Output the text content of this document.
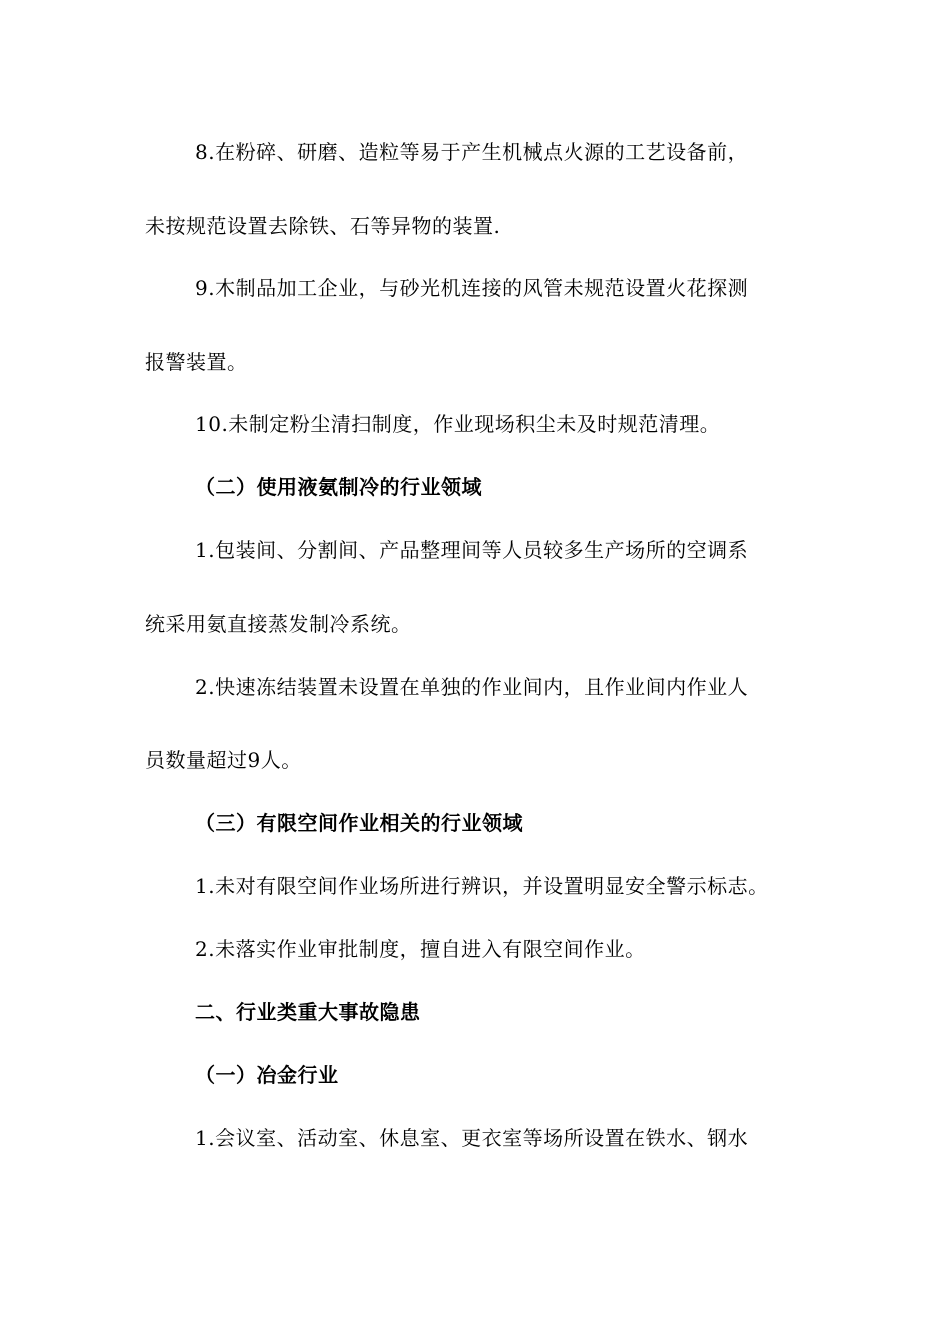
8.在粉碎、研磨、造粒等易于产生机械点火源的工艺设备前，
未按规范设置去除铁、石等异物的装置.
9.木制品加工企业，与砂光机连接的风管未规范设置火花探测
报警装置。
10.未制定粉尘清扫制度，作业现场积尘未及时规范清理。
（二）使用液氨制冷的行业领域
1.包装间、分割间、产品整理间等人员较多生产场所的空调系
统采用氨直接蒸发制冷系统。
2.快速冻结装置未设置在单独的作业间内，且作业间内作业人
员数量超过9人。
（三）有限空间作业相关的行业领域
1.未对有限空间作业场所进行辨识，并设置明显安全警示标志。
2.未落实作业审批制度，擅自进入有限空间作业。
二、行业类重大事故隐患
（一）冶金行业
1.会议室、活动室、休息室、更衣室等场所设置在铁水、钢水
